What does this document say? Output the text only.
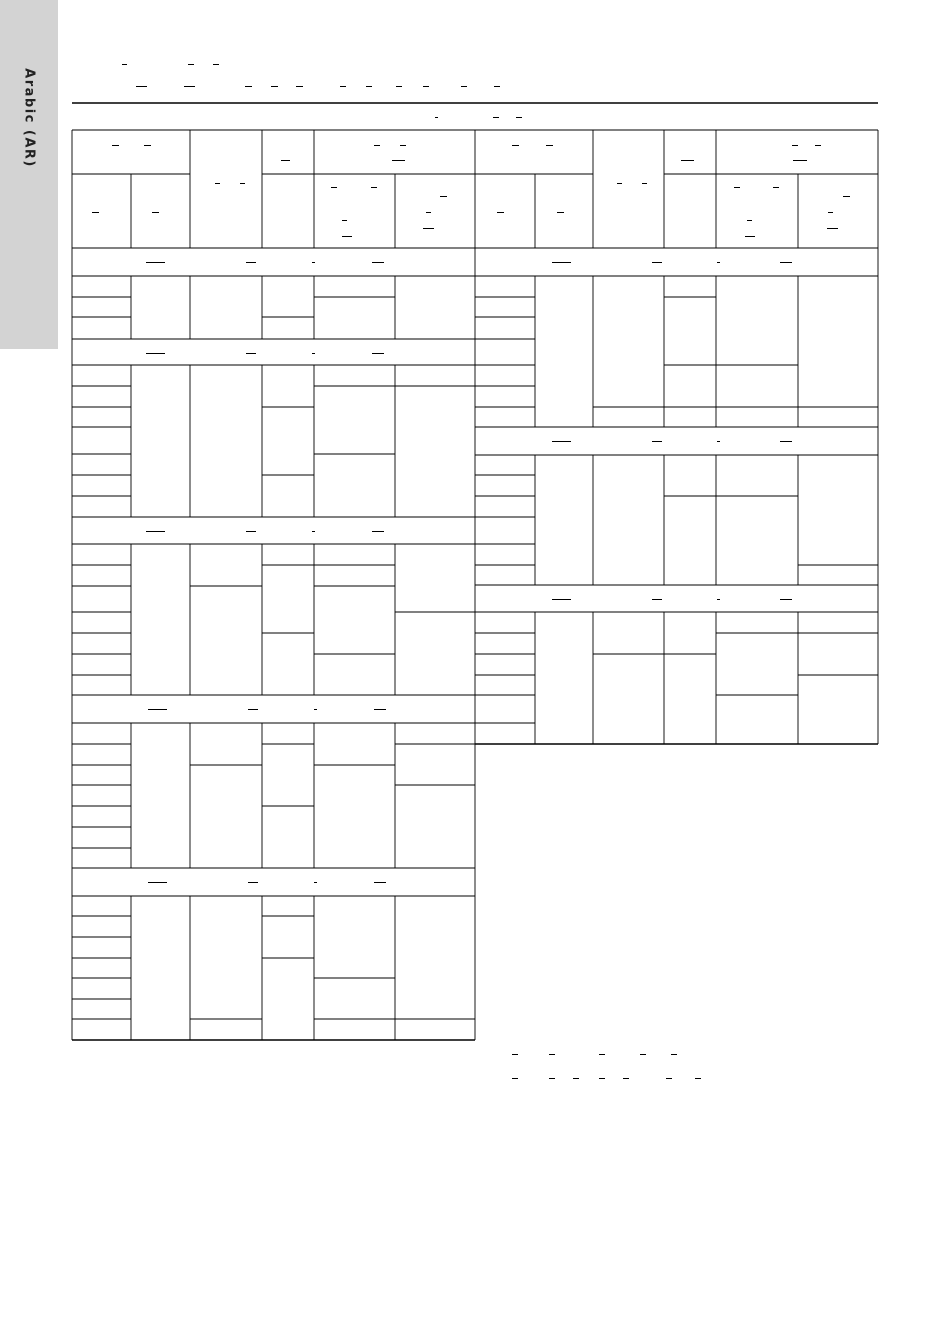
Arabic (AR)
